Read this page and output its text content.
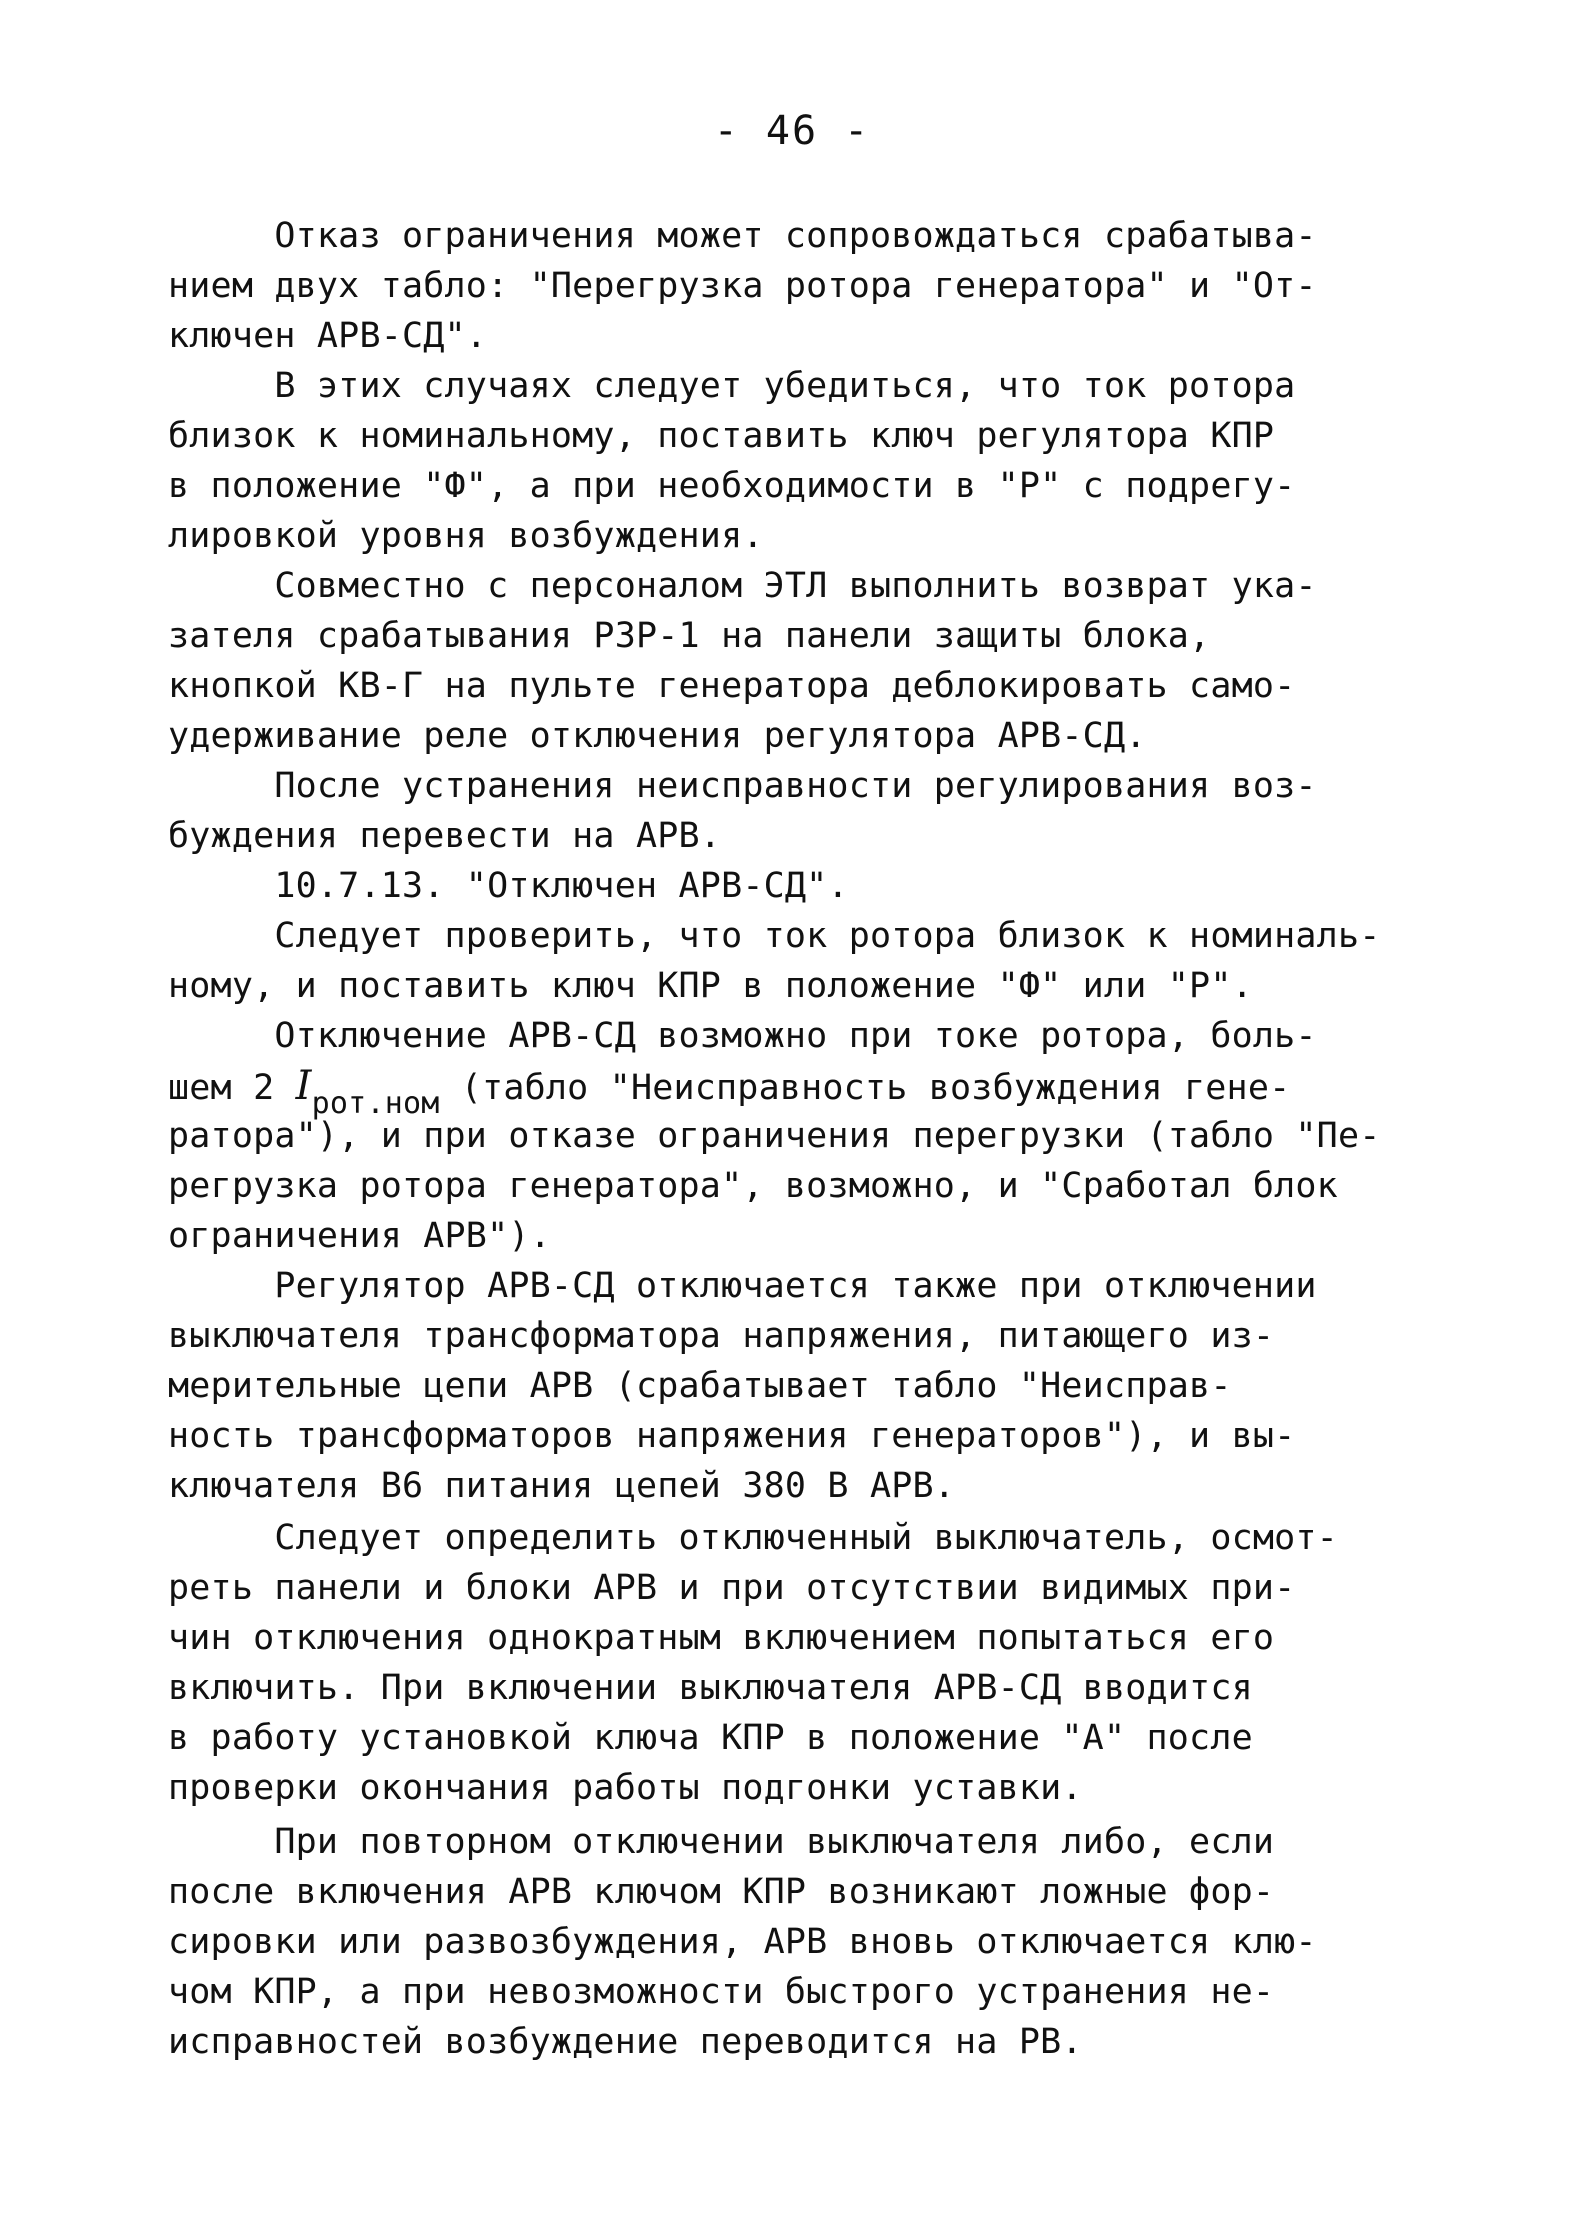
- 46 -
Отказ ограничения может сопровождаться срабатыва-
нием двух табло: "Перегрузка ротора генератора" и "От-
ключен АРВ-СД".
В этих случаях следует убедиться, что ток ротора
близок к номинальному, поставить ключ регулятора КПР
в положение "Ф", а при необходимости в "Р" с подрегу-
лировкой уровня возбуждения.
Совместно с персоналом ЭТЛ выполнить возврат ука-
зателя срабатывания РЗР-1 на панели защиты блока,
кнопкой КВ-Г на пульте генератора деблокировать само-
удерживание реле отключения регулятора АРВ-СД.
После устранения неисправности регулирования воз-
буждения перевести на АРВ.
10.7.13. "Отключен АРВ-СД".
Следует проверить, что ток ротора близок к номиналь-
ному, и поставить ключ КПР в положение "Ф" или "Р".
Отключение АРВ-СД возможно при токе ротора, боль-
шем 2 Iрот.ном (табло "Неисправность возбуждения гене-
ратора"), и при отказе ограничения перегрузки (табло "Пе-
регрузка ротора генератора", возможно, и "Сработал блок
ограничения АРВ").
Регулятор АРВ-СД отключается также при отключении
выключателя трансформатора напряжения, питающего из-
мерительные цепи АРВ (срабатывает табло "Неисправ-
ность трансформаторов напряжения генераторов"), и вы-
ключателя В6 питания цепей 380 В АРВ.
Следует определить отключенный выключатель, осмот-
реть панели и блоки АРВ и при отсутствии видимых при-
чин отключения однократным включением попытаться его
включить. При включении выключателя АРВ-СД вводится
в работу установкой ключа КПР в положение "А" после
проверки окончания работы подгонки уставки.
При повторном отключении выключателя либо, если
после включения АРВ ключом КПР возникают ложные фор-
сировки или развозбуждения, АРВ вновь отключается клю-
чом КПР, а при невозможности быстрого устранения не-
исправностей возбуждение переводится на РВ.
